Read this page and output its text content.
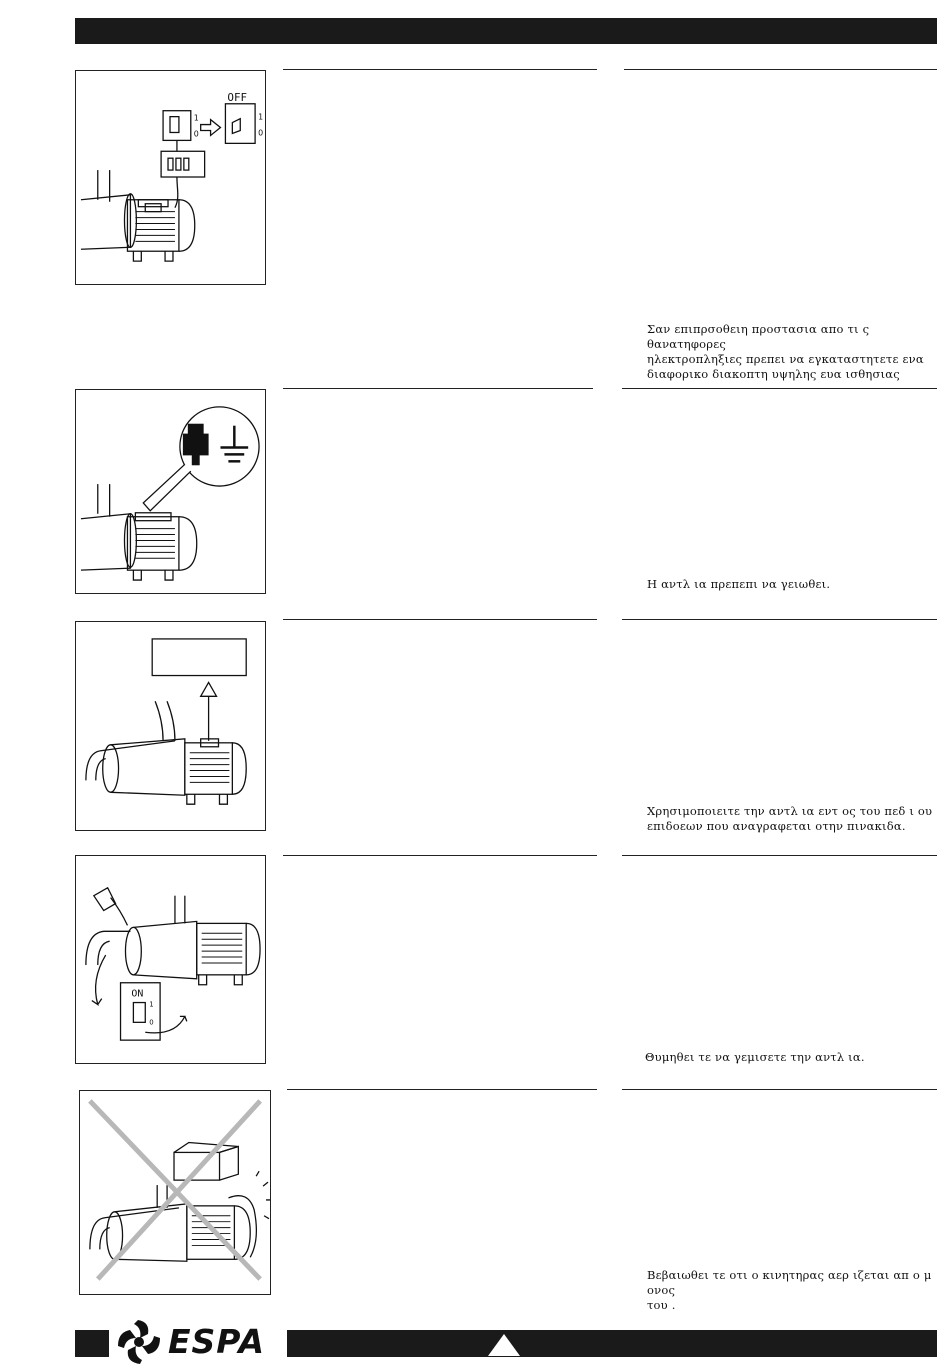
OFF
1
0
1
0
Σαν επιπρσοθειη προστασια απο τι ς θανατηφορες
ηλεκτροπληξιες πρεπει να εγκαταστητετε ενα
διαφορικο διακοπτη υψηλης ευα ισθησιας
Η αντλ ια πρεπεπι να γειωθει.
Χρησιμοποιειτε την αντλ ια εντ ος του πεδ ι ου
επιδοεων που αναγραφεται οτην πινακιδα.
ON
1
0
Θυμηθει τε να γεμισετε την αντλ ια.
Βεβαιωθει τε οτι ο κινητηρας αερ ιζεται απ ο μ ονος
του .
ESPA
